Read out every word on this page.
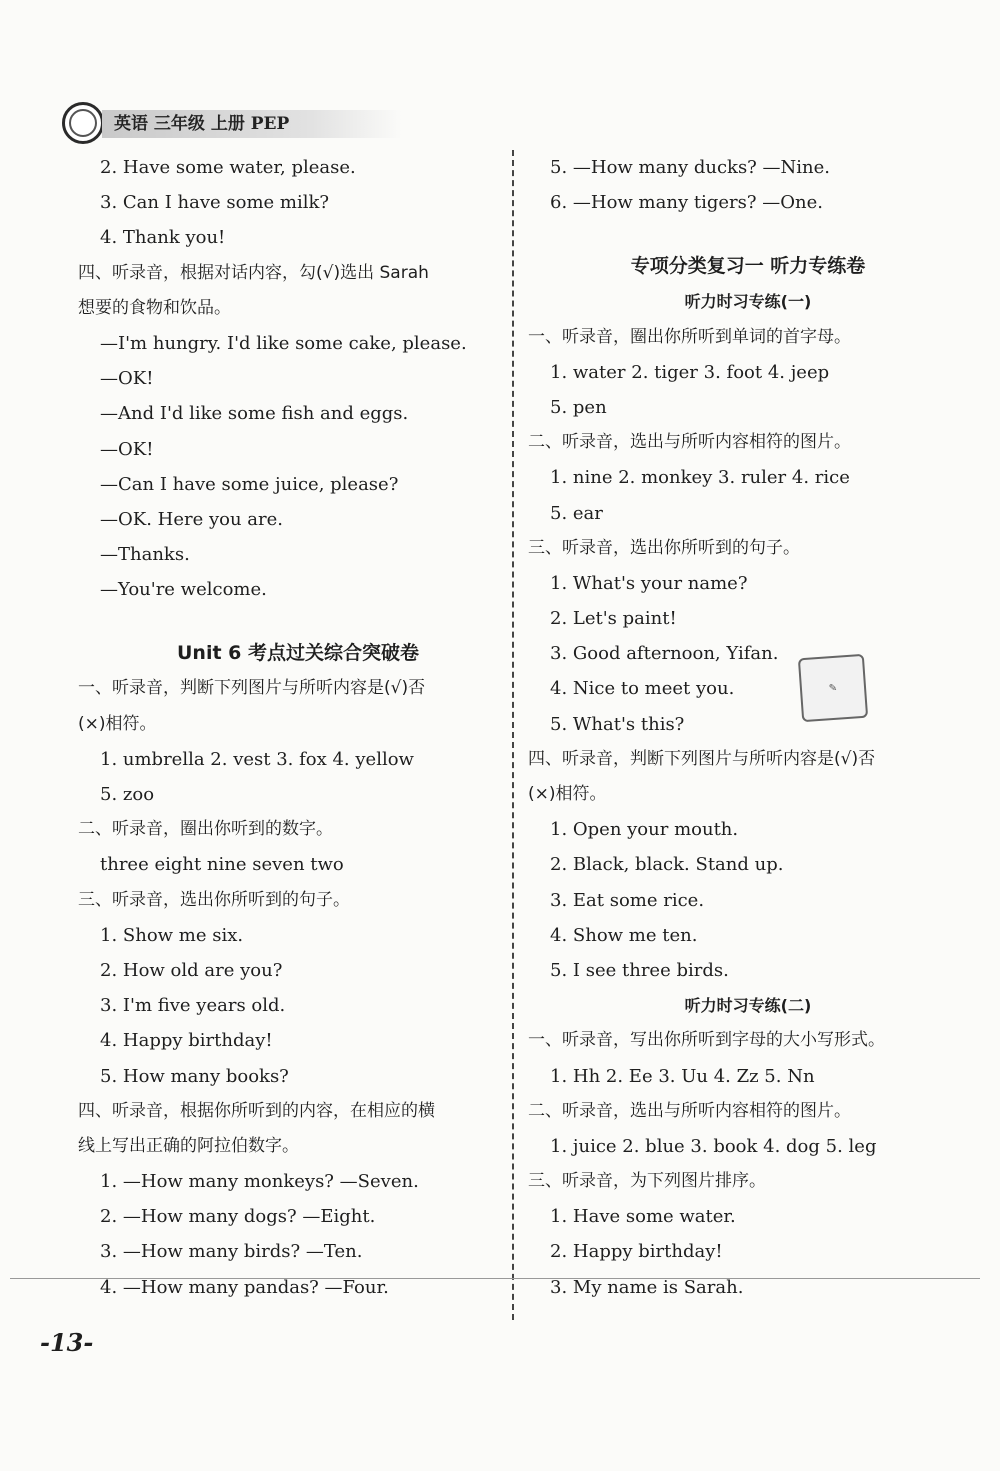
英语 三年级 上册 PEP
2. Have some water, please.
3. Can I have some milk?
4. Thank you!
四、听录音，根据对话内容，勾(√)选出 Sarah
想要的食物和饮品。
—I'm hungry. I'd like some cake, please.
—OK!
—And I'd like some fish and eggs.
—OK!
—Can I have some juice, please?
—OK. Here you are.
—Thanks.
—You're welcome.
Unit 6 考点过关综合突破卷
一、听录音，判断下列图片与所听内容是(√)否
(×)相符。
1. umbrella 2. vest 3. fox 4. yellow
5. zoo
二、听录音，圈出你听到的数字。
three eight nine seven two
三、听录音，选出你所听到的句子。
1. Show me six.
2. How old are you?
3. I'm five years old.
4. Happy birthday!
5. How many books?
四、听录音，根据你所听到的内容，在相应的横
线上写出正确的阿拉伯数字。
1. —How many monkeys? —Seven.
2. —How many dogs? —Eight.
3. —How many birds? —Ten.
4. —How many pandas? —Four.
5. —How many ducks? —Nine.
6. —How many tigers? —One.
专项分类复习一 听力专练卷
听力时习专练(一)
一、听录音，圈出你所听到单词的首字母。
1. water 2. tiger 3. foot 4. jeep
5. pen
二、听录音，选出与所听内容相符的图片。
1. nine 2. monkey 3. ruler 4. rice
5. ear
三、听录音，选出你所听到的句子。
1. What's your name?
2. Let's paint!
3. Good afternoon, Yifan.
4. Nice to meet you.
5. What's this?
四、听录音，判断下列图片与所听内容是(√)否
(×)相符。
1. Open your mouth.
2. Black, black. Stand up.
3. Eat some rice.
4. Show me ten.
5. I see three birds.
听力时习专练(二)
一、听录音，写出你所听到字母的大小写形式。
1. Hh 2. Ee 3. Uu 4. Zz 5. Nn
二、听录音，选出与所听内容相符的图片。
1. juice 2. blue 3. book 4. dog 5. leg
三、听录音，为下列图片排序。
1. Have some water.
2. Happy birthday!
3. My name is Sarah.
✎
-13-
